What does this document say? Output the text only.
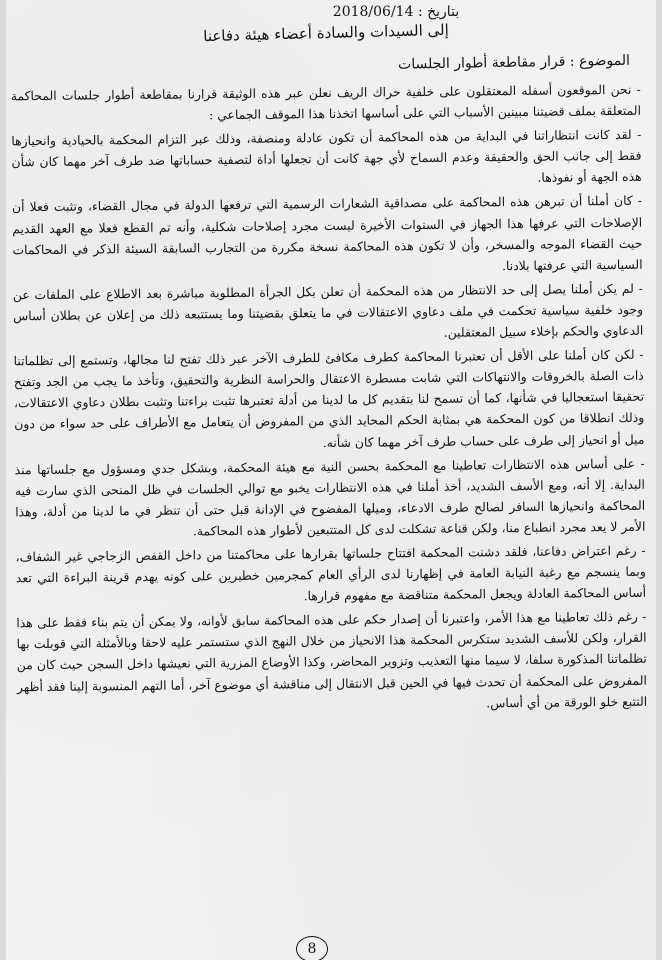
بتاريخ : 2018/06/14
إلى السيدات والسادة أعضاء هيئة دفاعنا
الموضوع : قرار مقاطعة أطوار الجلسات

- نحن الموقعون أسفله المعتقلون على خلفية حراك الريف نعلن عبر هذه الوثيقة قرارنا بمقاطعة أطوار جلسات المحاكمة المتعلقة بملف قضيتنا مبينين الأسباب التي على أساسها اتخذنا هذا الموقف الجماعي :

- لقد كانت انتظاراتنا في البداية من هذه المحاكمة أن تكون عادلة ومنصفة، وذلك عبر التزام المحكمة بالحيادية وانحيازها فقط إلى جانب الحق والحقيقة وعدم السماح لأي جهة كانت أن تجعلها أداة لتصفية حساباتها ضد طرف آخر مهما كان شأن هذه الجهة أو نفوذها.

- كان أملنا أن تبرهن هذه المحاكمة على مصداقية الشعارات الرسمية التي ترفعها الدولة في مجال القضاء، وتثبت فعلا أن الإصلاحات التي عرفها هذا الجهاز في السنوات الأخيرة ليست مجرد إصلاحات شكلية، وأنه تم القطع فعلا مع العهد القديم حيث القضاء الموجه والمسخر، وأن لا تكون هذه المحاكمة نسخة مكررة من التجارب السابقة السيئة الذكر في المحاكمات السياسية التي عرفتها بلادنا.

- لم يكن أملنا يصل إلى حد الانتظار من هذه المحكمة أن تعلن بكل الجرأة المطلوبة مباشرة بعد الاطلاع على الملفات عن وجود خلفية سياسية تحكمت في ملف دعاوي الاعتقالات في ما يتعلق بقضيتنا وما يستتبعه ذلك من إعلان عن بطلان أساس الدعاوي والحكم بإخلاء سبيل المعتقلين.

- لكن كان أملنا على الأقل أن تعتبرنا المحاكمة كطرف مكافئ للطرف الآخر عبر ذلك تفتح لنا مجالها، وتستمع إلى تظلماتنا ذات الصلة بالخروقات والانتهاكات التي شابت مسطرة الاعتقال والحراسة النظرية والتحقيق، وتأخذ ما يجب من الجد وتفتح تحقيقا استعجاليا في شأنها، كما أن تسمح لنا بتقديم كل ما لدينا من أدلة تعتبرها تثبت براءتنا وتثبت بطلان دعاوي الاعتقالات، وذلك انطلاقا من كون المحكمة هي بمثابة الحكم المحايد الذي من المفروض أن يتعامل مع الأطراف على حد سواء من دون ميل أو انحياز إلى طرف على حساب طرف آخر مهما كان شأنه.

- على أساس هذه الانتظارات تعاطينا مع المحكمة بحسن النية مع هيئة المحكمة، وبشكل جدي ومسؤول مع جلساتها منذ البداية. إلا أنه، ومع الأسف الشديد، أخذ أملنا في هذه الانتظارات يخبو مع توالي الجلسات في ظل المنحى الذي سارت فيه المحاكمة وانحيازها السافر لصالح طرف الادعاء، وميلها المفضوح في الإدانة قبل حتى أن تنظر في ما لدينا من أدلة، وهذا الأمر لا يعد مجرد انطباع منا، ولكن قناعة تشكلت لدى كل المتتبعين لأطوار هذه المحاكمة.

- رغم اعتراض دفاعنا، فلقد دشنت المحكمة افتتاح جلساتها بقرارها على محاكمتنا من داخل القفص الزجاجي غير الشفاف، وبما ينسجم مع رغبة النيابة العامة في إظهارنا لدى الرأي العام كمجرمين خطيرين على كونه يهدم قرينة البراءة التي تعد أساس المحاكمة العادلة ويجعل المحكمة متناقضة مع مفهوم قرارها.

- رغم ذلك تعاطينا مع هذا الأمر، واعتبرنا أن إصدار حكم على هذه المحاكمة سابق لأوانه، ولا يمكن أن يتم بناء فقط على هذا القرار، ولكن للأسف الشديد ستكرس المحكمة هذا الانحياز من خلال النهج الذي ستستمر عليه لاحقا وبالأمثلة التي قوبلت بها تظلماتنا المذكورة سلفا، لا سيما منها التعذيب وتزوير المحاضر، وكذا الأوضاع المزرية التي نعيشها داخل السجن حيث كان من المفروض على المحكمة أن تحدث فيها في الحين قبل الانتقال إلى مناقشة أي موضوع آخر، أما التهم المنسوبة إلينا فقد أظهر التتبع خلو الورقة من أي أساس.

8
